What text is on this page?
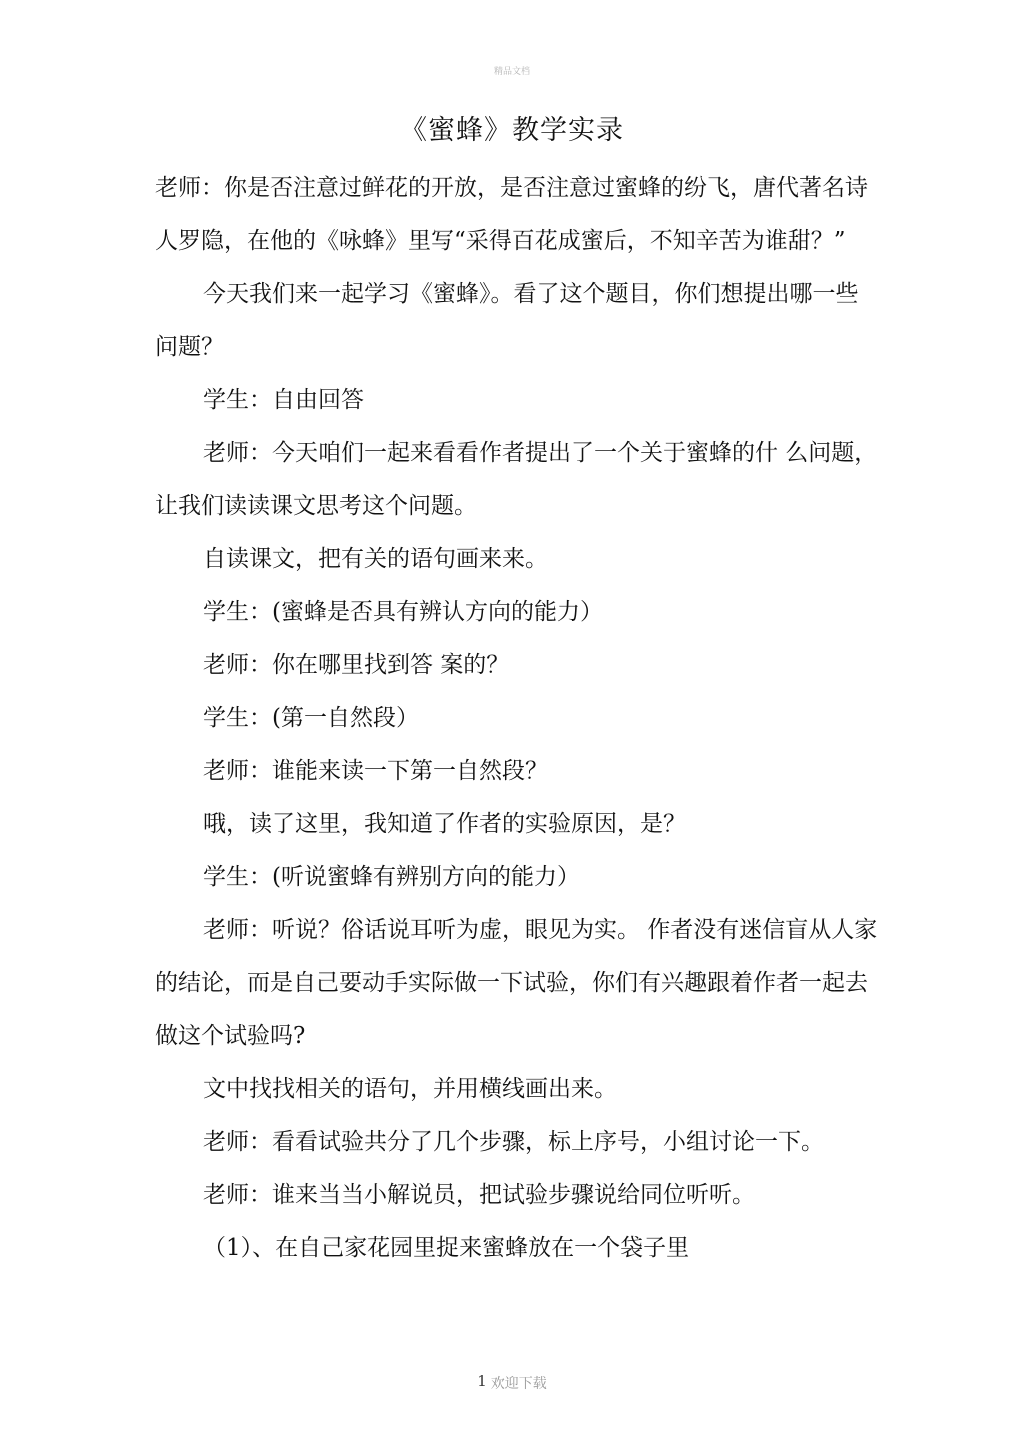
精品文档
《蜜蜂》教学实录

老师：你是否注意过鲜花的开放，是否注意过蜜蜂的纷飞，唐代著名诗人罗隐，在他的《咏蜂》里写“采得百花成蜜后，不知辛苦为谁甜？”

今天我们来一起学习《蜜蜂》。看了这个题目，你们想提出哪一些问题？

学生：自由回答

老师：今天咱们一起来看看作者提出了一个关于蜜蜂的什 么问题，让我们读读课文思考这个问题。

自读课文，把有关的语句画来来。

学生：(蜜蜂是否具有辨认方向的能力）

老师：你在哪里找到答 案的？

学生：(第一自然段）

老师：谁能来读一下第一自然段？

哦，读了这里，我知道了作者的实验原因，是？

学生：(听说蜜蜂有辨别方向的能力）

老师：听说？俗话说耳听为虚，眼见为实。 作者没有迷信盲从人家的结论，而是自己要动手实际做一下试验，你们有兴趣跟着作者一起去做这个试验吗?

文中找找相关的语句，并用横线画出来。

老师：看看试验共分了几个步骤，标上序号，小组讨论一下。

老师：谁来当当小解说员，把试验步骤说给同位听听。

（1）、在自己家花园里捉来蜜蜂放在一个袋子里

1 欢迎下载
